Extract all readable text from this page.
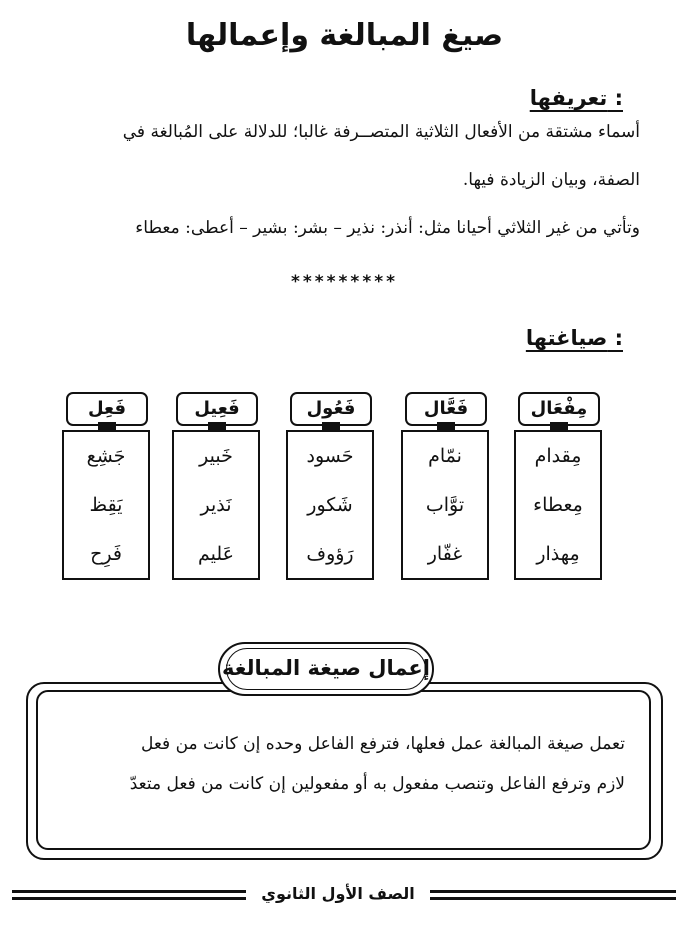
صيغ المبالغة وإعمالها
تعريفها :
أسماء مشتقة من الأفعال الثلاثية المتصــرفة غالبا؛ للدلالة على المُبالغة في
الصفة، وبيان الزيادة فيها.
وتأتي من غير الثلاثي أحيانا مثل: أنذر: نذير – بشر: بشير – أعطى: معطاء
*********
صياغتها :
مِفْعَال
مِقدام
مِعطاء
مِهذار
فَعَّال
نمّام
توَّاب
غفّار
فَعُول
حَسود
شَكور
رَؤوف
فَعِيل
خَبير
نَذير
عَليم
فَعِل
جَشِع
يَقِظ
فَرِح
إعمال صيغة المبالغة
تعمل صيغة المبالغة عمل فعلها، فترفع الفاعل وحده إن كانت من فعل
لازم وترفع الفاعل وتنصب مفعول به أو مفعولين إن كانت من فعل متعدّ
الصف الأول الثانوي
